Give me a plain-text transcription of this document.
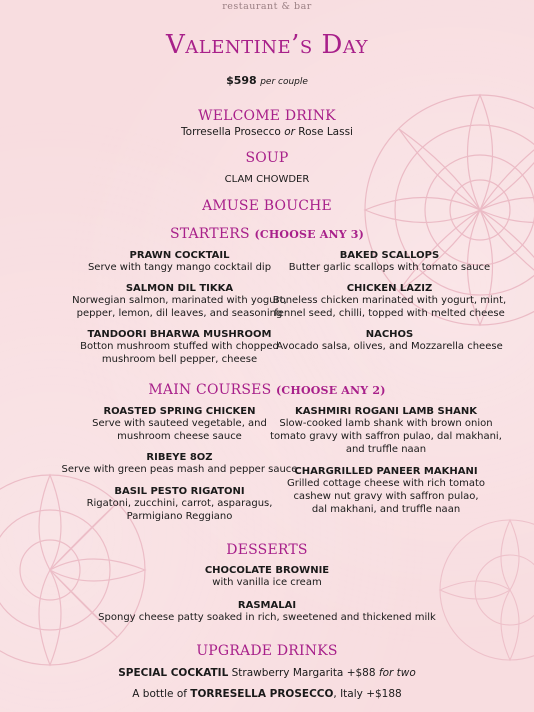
restaurant & bar
Valentine’s Day
$598 per couple
WELCOME DRINK
Torresella Prosecco or Rose Lassi
SOUP
CLAM CHOWDER
AMUSE BOUCHE
STARTERS (CHOOSE ANY 3)
PRAWN COCKTAIL
Serve with tangy mango cocktail dip
SALMON DIL TIKKA
Norwegian salmon, marinated with yogurt,
pepper, lemon, dil leaves, and seasoning
TANDOORI BHARWA MUSHROOM
Botton mushroom stuffed with chopped
mushroom bell pepper, cheese
BAKED SCALLOPS
Butter garlic scallops with tomato sauce
CHICKEN LAZIZ
Boneless chicken marinated with yogurt, mint,
fennel seed, chilli, topped with melted cheese
NACHOS
Avocado salsa, olives, and Mozzarella cheese
MAIN COURSES (CHOOSE ANY 2)
ROASTED SPRING CHICKEN
Serve with sauteed vegetable, and
mushroom cheese sauce
RIBEYE 8OZ
Serve with green peas mash and pepper sauce
BASIL PESTO RIGATONI
Rigatoni, zucchini, carrot, asparagus,
Parmigiano Reggiano
KASHMIRI ROGANI LAMB SHANK
Slow-cooked lamb shank with brown onion
tomato gravy with saffron pulao, dal makhani,
and truffle naan
CHARGRILLED PANEER MAKHANI
Grilled cottage cheese with rich tomato
cashew nut gravy with saffron pulao,
dal makhani, and truffle naan
DESSERTS
CHOCOLATE BROWNIE
with vanilla ice cream
RASMALAI
Spongy cheese patty soaked in rich, sweetened and thickened milk
UPGRADE DRINKS
SPECIAL COCKATIL Strawberry Margarita +$88 for two
A bottle of TORRESELLA PROSECCO, Italy +$188
